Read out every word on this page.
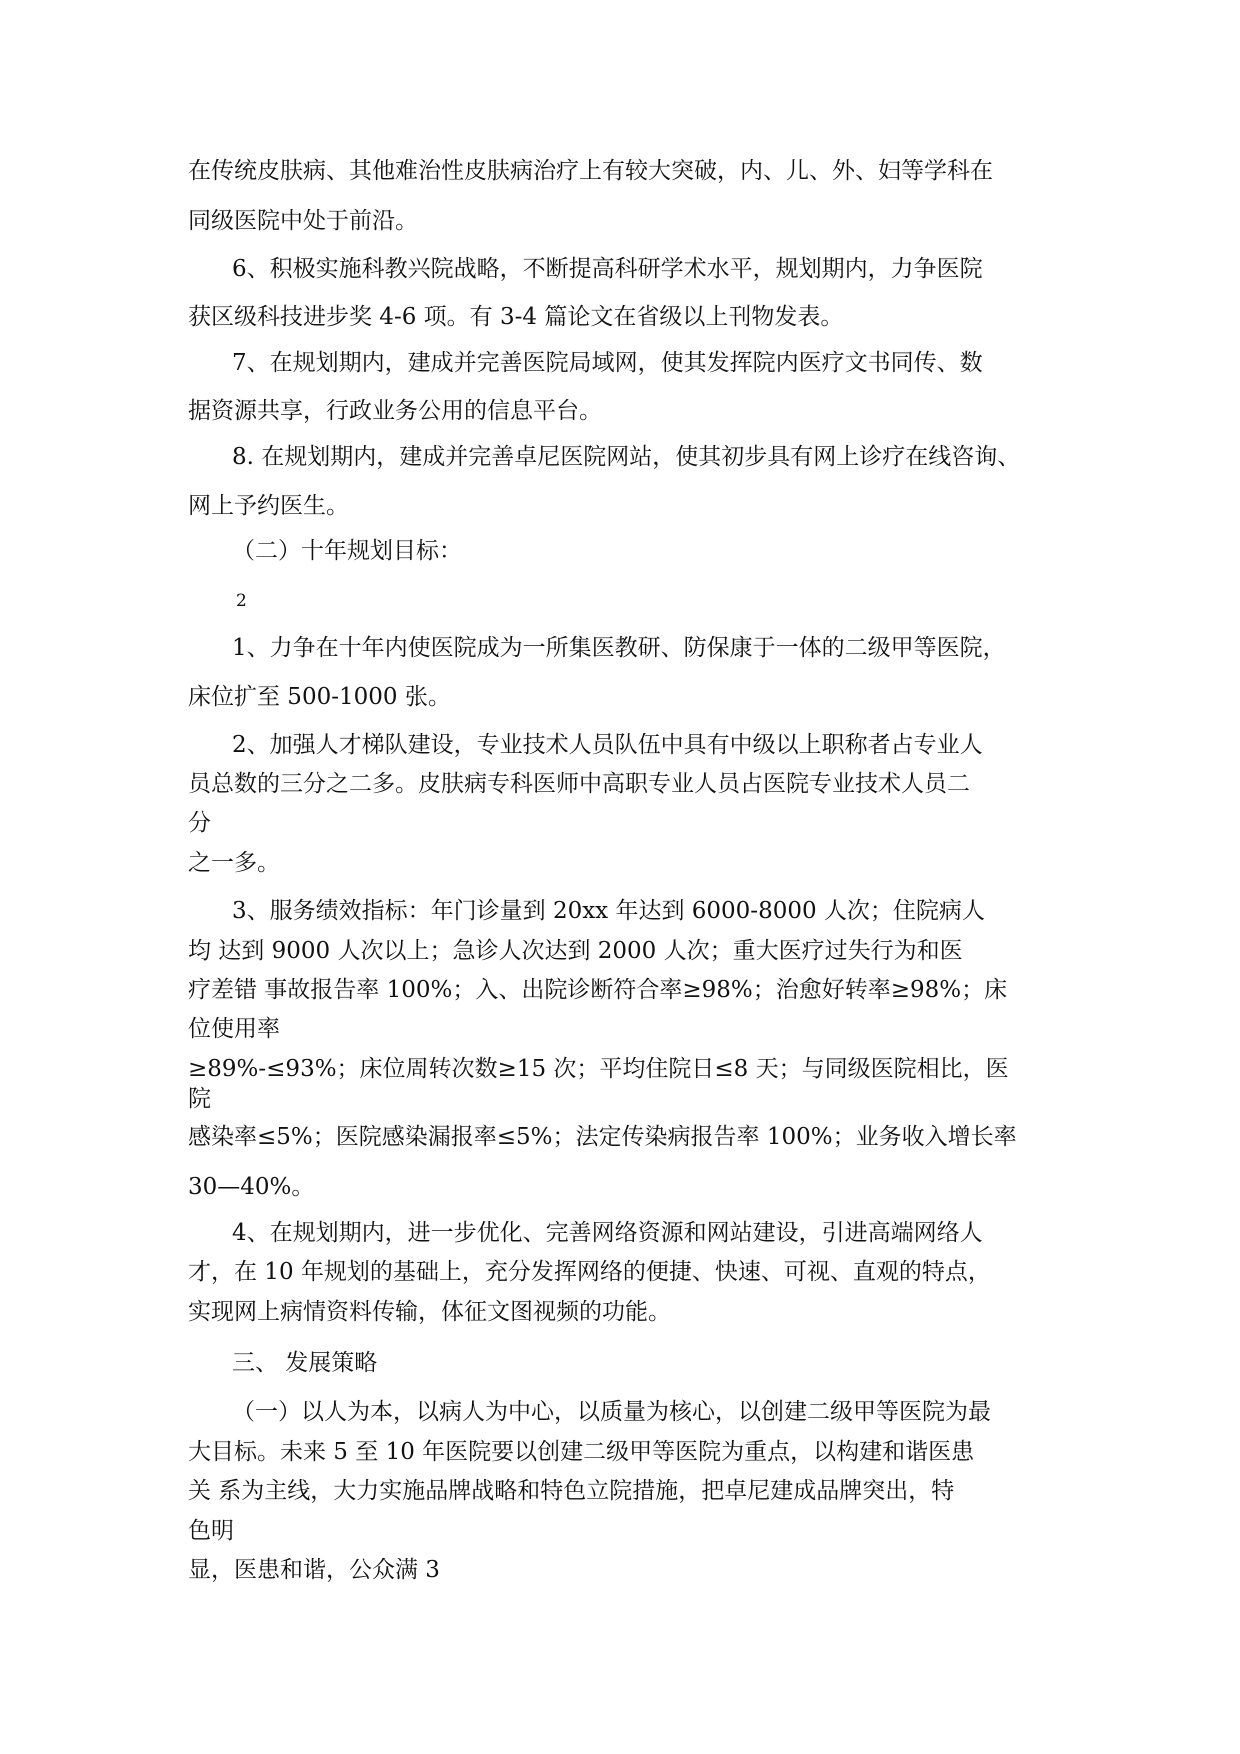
在传统皮肤病、其他难治性皮肤病治疗上有较大突破，内、儿、外、妇等学科在
同级医院中处于前沿。
6、积极实施科教兴院战略，不断提高科研学术水平，规划期内，力争医院
获区级科技进步奖 4-6 项。有 3-4 篇论文在省级以上刊物发表。
7、在规划期内，建成并完善医院局域网，使其发挥院内医疗文书同传、数
据资源共享，行政业务公用的信息平台。
8. 在规划期内，建成并完善卓尼医院网站，使其初步具有网上诊疗在线咨询、
网上予约医生。
（二）十年规划目标：
2
1、力争在十年内使医院成为一所集医教研、防保康于一体的二级甲等医院，
床位扩至 500-1000 张。
2、加强人才梯队建设，专业技术人员队伍中具有中级以上职称者占专业人
员总数的三分之二多。皮肤病专科医师中高职专业人员占医院专业技术人员二
分
之一多。
3、服务绩效指标：年门诊量到 20xx 年达到 6000-8000 人次；住院病人
均 达到 9000 人次以上；急诊人次达到 2000 人次；重大医疗过失行为和医
疗差错 事故报告率 100%；入、出院诊断符合率≥98%；治愈好转率≥98%；床
位使用率
≥89%-≤93%；床位周转次数≥15 次；平均住院日≤8 天；与同级医院相比，医
院
感染率≤5%；医院感染漏报率≤5%；法定传染病报告率 100%；业务收入增长率
30—40%。
4、在规划期内，进一步优化、完善网络资源和网站建设，引进高端网络人
才，在 10 年规划的基础上，充分发挥网络的便捷、快速、可视、直观的特点，
实现网上病情资料传输，体征文图视频的功能。
三、 发展策略
（一）以人为本，以病人为中心，以质量为核心，以创建二级甲等医院为最
大目标。未来 5 至 10 年医院要以创建二级甲等医院为重点，以构建和谐医患
关 系为主线，大力实施品牌战略和特色立院措施，把卓尼建成品牌突出，特
色明
显，医患和谐，公众满 3
